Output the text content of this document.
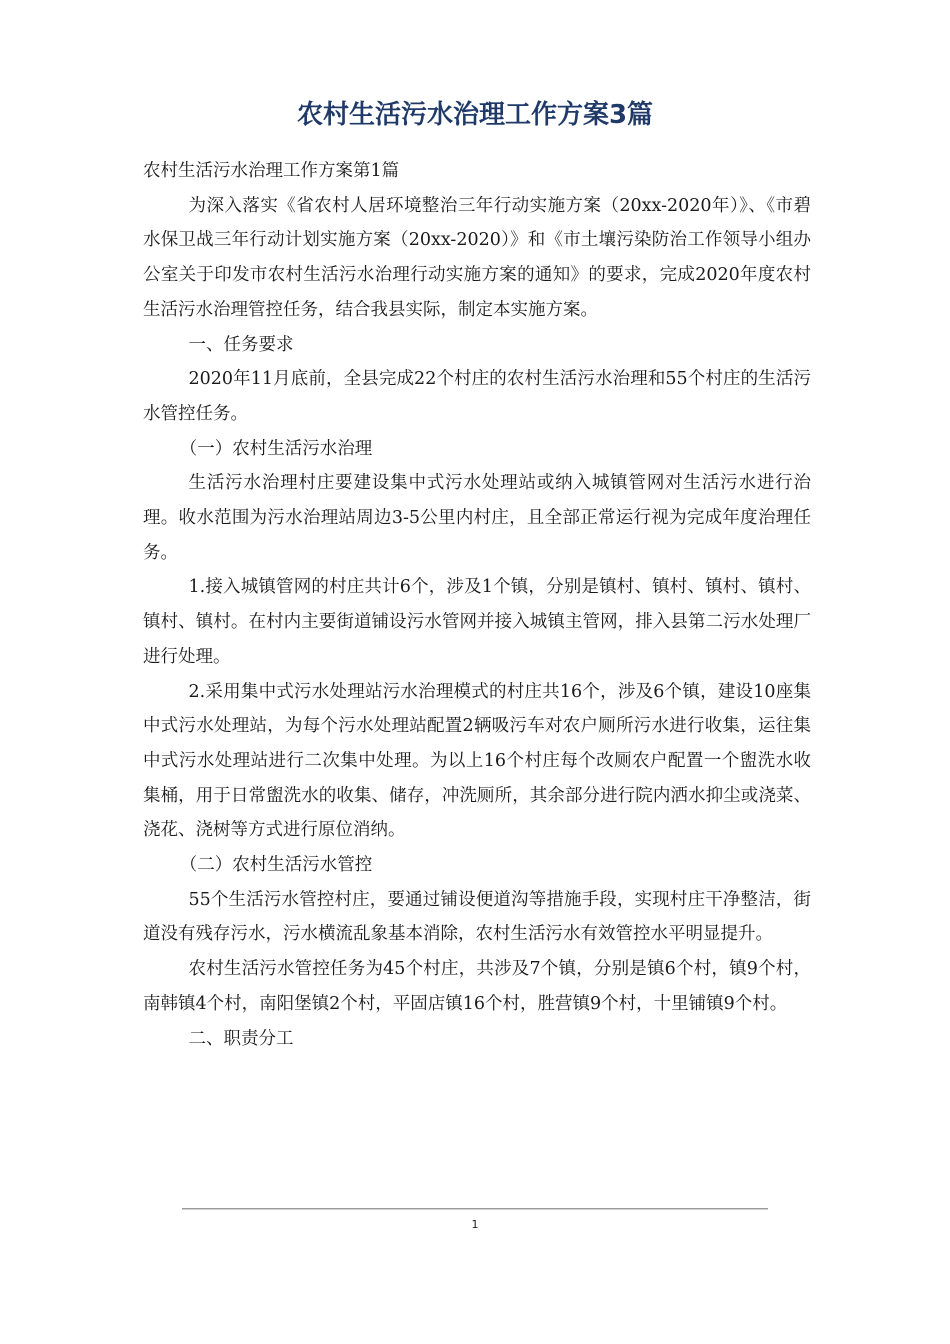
农村生活污水治理工作方案3篇

农村生活污水治理工作方案第1篇

为深入落实《省农村人居环境整治三年行动实施方案（20xx-2020年）》、《市碧水保卫战三年行动计划实施方案（20xx-2020）》和《市土壤污染防治工作领导小组办公室关于印发市农村生活污水治理行动实施方案的通知》的要求，完成2020年度农村生活污水治理管控任务，结合我县实际，制定本实施方案。

一、任务要求

2020年11月底前，全县完成22个村庄的农村生活污水治理和55个村庄的生活污水管控任务。

（一）农村生活污水治理

生活污水治理村庄要建设集中式污水处理站或纳入城镇管网对生活污水进行治理。收水范围为污水治理站周边3-5公里内村庄，且全部正常运行视为完成年度治理任务。

1.接入城镇管网的村庄共计6个，涉及1个镇，分别是镇村、镇村、镇村、镇村、镇村、镇村。在村内主要街道铺设污水管网并接入城镇主管网，排入县第二污水处理厂进行处理。

2.采用集中式污水处理站污水治理模式的村庄共16个，涉及6个镇，建设10座集中式污水处理站，为每个污水处理站配置2辆吸污车对农户厕所污水进行收集，运往集中式污水处理站进行二次集中处理。为以上16个村庄每个改厕农户配置一个盥洗水收集桶，用于日常盥洗水的收集、储存，冲洗厕所，其余部分进行院内洒水抑尘或浇菜、浇花、浇树等方式进行原位消纳。

（二）农村生活污水管控

55个生活污水管控村庄，要通过铺设便道沟等措施手段，实现村庄干净整洁，街道没有残存污水，污水横流乱象基本消除，农村生活污水有效管控水平明显提升。

农村生活污水管控任务为45个村庄，共涉及7个镇，分别是镇6个村，镇9个村，南韩镇4个村，南阳堡镇2个村，平固店镇16个村，胜营镇9个村，十里铺镇9个村。

二、职责分工

1
